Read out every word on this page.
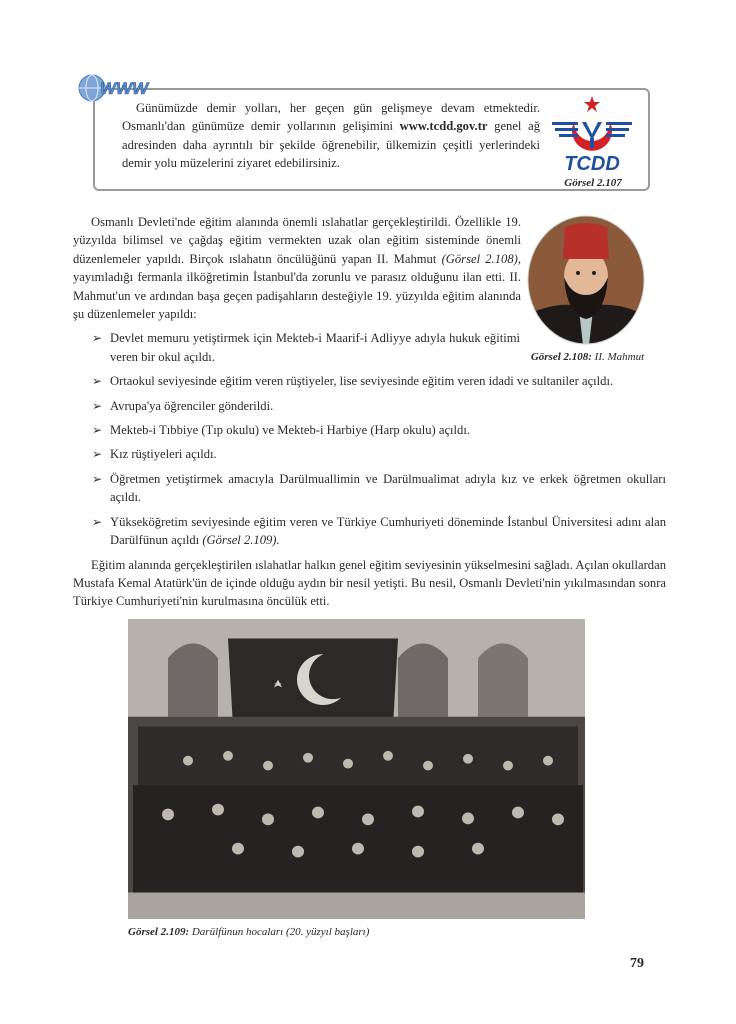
WWW
Günümüzde demir yolları, her geçen gün gelişmeye devam etmektedir. Osmanlı'dan günümüze demir yollarının gelişimini www.tcdd.gov.tr genel ağ adresinden daha ayrıntılı bir şekilde öğrenebilir, ülkemizin çeşitli yerlerindeki demir yolu müzelerini ziyaret edebilirsiniz.	TCDD
Görsel 2.107
Görsel 2.108: II. Mahmut

Osmanlı Devleti'nde eğitim alanında önemli ıslahatlar gerçekleştirildi. Özellikle 19. yüzyılda bilimsel ve çağdaş eğitim vermekten uzak olan eğitim sisteminde önemli düzenlemeler yapıldı. Birçok ıslahatın öncülüğünü yapan II. Mahmut (Görsel 2.108), yayımladığı fermanla ilköğretimin İstanbul'da zorunlu ve parasız olduğunu ilan etti. II. Mahmut'un ve ardından başa geçen padişahların desteğiyle 19. yüzyılda eğitim alanında şu düzenlemeler yapıldı:

➢ Devlet memuru yetiştirmek için Mekteb-i Maarif-i Adliyye adıyla hukuk eğitimi veren bir okul açıldı.
➢ Ortaokul seviyesinde eğitim veren rüştiyeler, lise seviyesinde eğitim veren idadi ve sultaniler açıldı.
➢ Avrupa'ya öğrenciler gönderildi.
➢ Mekteb-i Tıbbiye (Tıp okulu) ve Mekteb-i Harbiye (Harp okulu) açıldı.
➢ Kız rüştiyeleri açıldı.
➢ Öğretmen yetiştirmek amacıyla Darülmuallimin ve Darülmualimat adıyla kız ve erkek öğretmen okulları açıldı.
➢ Yükseköğretim seviyesinde eğitim veren ve Türkiye Cumhuriyeti döneminde İstanbul Üniversitesi adını alan Darülfünun açıldı (Görsel 2.109).

Eğitim alanında gerçekleştirilen ıslahatlar halkın genel eğitim seviyesinin yükselmesini sağladı. Açılan okullardan Mustafa Kemal Atatürk'ün de içinde olduğu aydın bir nesil yetişti. Bu nesil, Osmanlı Devleti'nin yıkılmasından sonra Türkiye Cumhuriyeti'nin kurulmasına öncülük etti.

Görsel 2.109: Darülfünun hocaları (20. yüzyıl başları)
79
